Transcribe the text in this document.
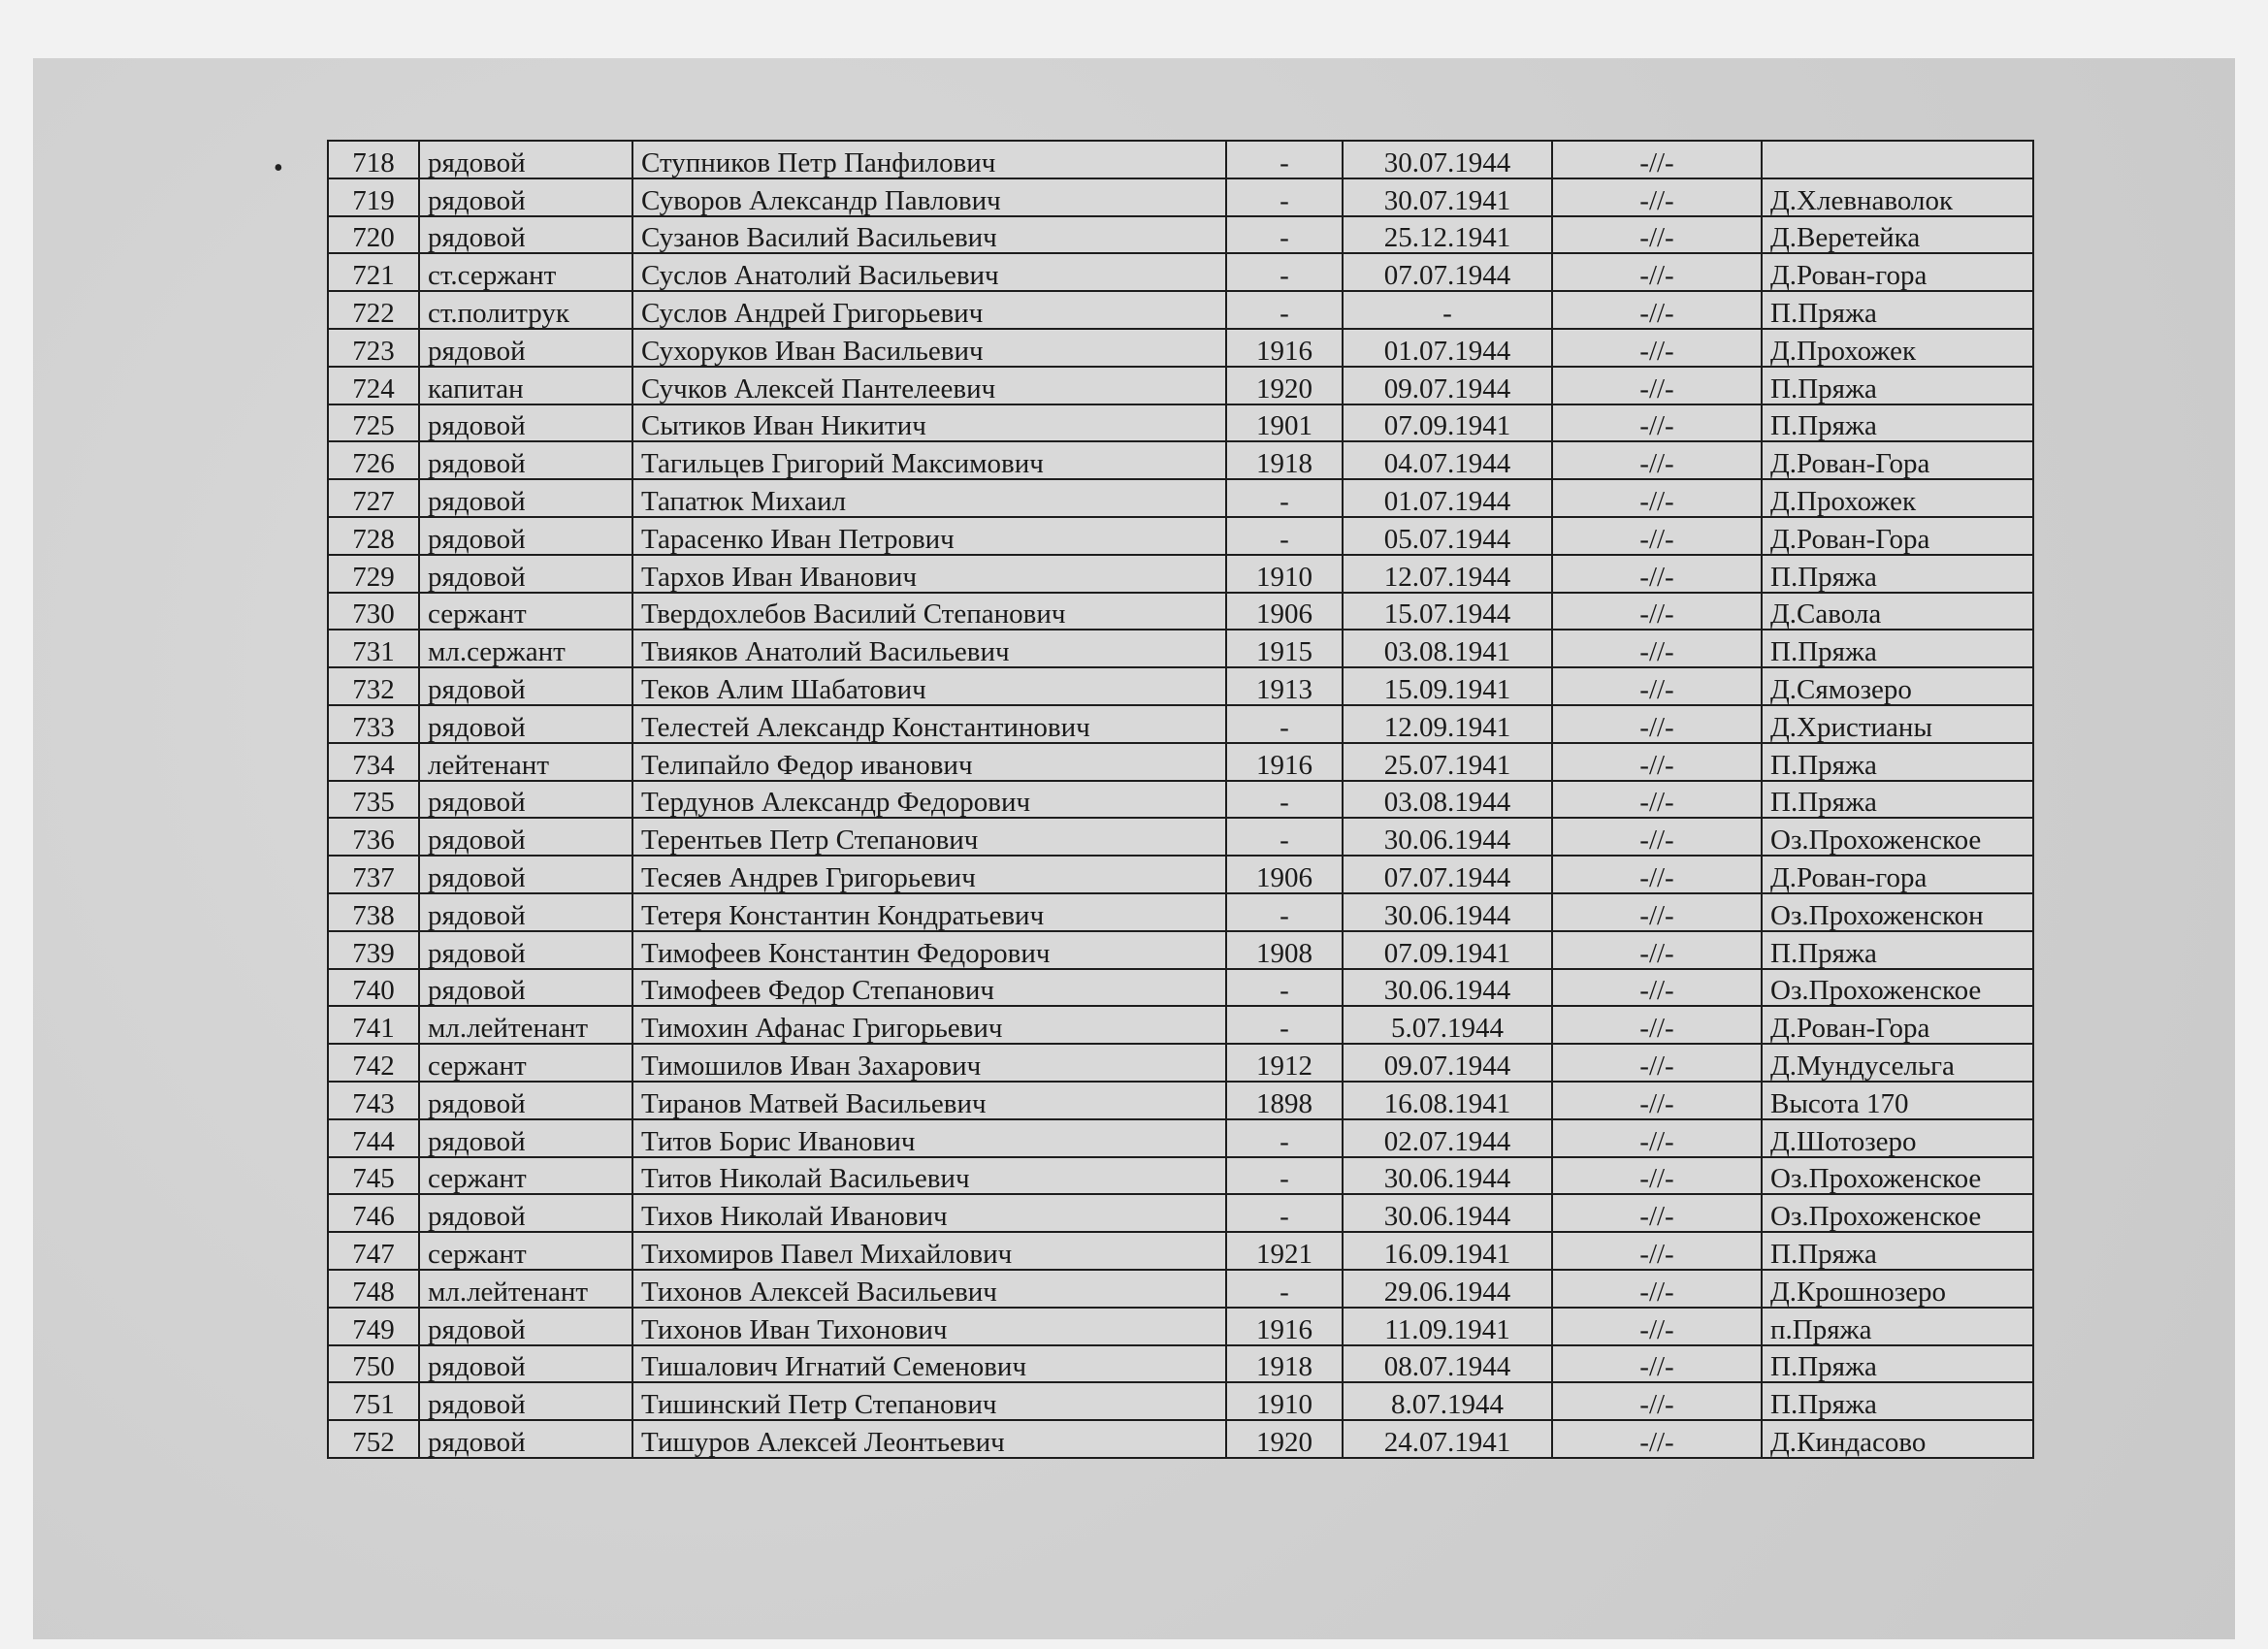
• 718	рядовой	Ступников Петр Панфилович	-	30.07.1944	-//-	
719	рядовой	Суворов Александр Павлович	-	30.07.1941	-//-	Д.Хлевнаволок
720	рядовой	Сузанов Василий Васильевич	-	25.12.1941	-//-	Д.Веретейка
721	ст.сержант	Суслов Анатолий Васильевич	-	07.07.1944	-//-	Д.Рован-гора
722	ст.политрук	Суслов Андрей Григорьевич	-	-	-//-	П.Пряжа
723	рядовой	Сухоруков Иван Васильевич	1916	01.07.1944	-//-	Д.Прохожек
724	капитан	Сучков Алексей Пантелеевич	1920	09.07.1944	-//-	П.Пряжа
725	рядовой	Сытиков Иван Никитич	1901	07.09.1941	-//-	П.Пряжа
726	рядовой	Тагильцев Григорий Максимович	1918	04.07.1944	-//-	Д.Рован-Гора
727	рядовой	Тапатюк Михаил	-	01.07.1944	-//-	Д.Прохожек
728	рядовой	Тарасенко Иван Петрович	-	05.07.1944	-//-	Д.Рован-Гора
729	рядовой	Тархов Иван Иванович	1910	12.07.1944	-//-	П.Пряжа
730	сержант	Твердохлебов Василий Степанович	1906	15.07.1944	-//-	Д.Савола
731	мл.сержант	Твияков Анатолий Васильевич	1915	03.08.1941	-//-	П.Пряжа
732	рядовой	Теков Алим Шабатович	1913	15.09.1941	-//-	Д.Сямозеро
733	рядовой	Телестей Александр Константинович	-	12.09.1941	-//-	Д.Христианы
734	лейтенант	Телипайло Федор иванович	1916	25.07.1941	-//-	П.Пряжа
735	рядовой	Тердунов Александр Федорович	-	03.08.1944	-//-	П.Пряжа
736	рядовой	Терентьев Петр Степанович	-	30.06.1944	-//-	Оз.Прохоженское
737	рядовой	Тесяев Андрев Григорьевич	1906	07.07.1944	-//-	Д.Рован-гора
738	рядовой	Тетеря Константин Кондратьевич	-	30.06.1944	-//-	Оз.Прохоженскон
739	рядовой	Тимофеев Константин Федорович	1908	07.09.1941	-//-	П.Пряжа
740	рядовой	Тимофеев Федор Степанович	-	30.06.1944	-//-	Оз.Прохоженское
741	мл.лейтенант	Тимохин Афанас Григорьевич	-	5.07.1944	-//-	Д.Рован-Гора
742	сержант	Тимошилов Иван Захарович	1912	09.07.1944	-//-	Д.Мундусельга
743	рядовой	Тиранов Матвей Васильевич	1898	16.08.1941	-//-	Высота 170
744	рядовой	Титов Борис Иванович	-	02.07.1944	-//-	Д.Шотозеро
745	сержант	Титов Николай Васильевич	-	30.06.1944	-//-	Оз.Прохоженское
746	рядовой	Тихов Николай Иванович	-	30.06.1944	-//-	Оз.Прохоженское
747	сержант	Тихомиров Павел Михайлович	1921	16.09.1941	-//-	П.Пряжа
748	мл.лейтенант	Тихонов Алексей Васильевич	-	29.06.1944	-//-	Д.Крошнозеро
749	рядовой	Тихонов Иван Тихонович	1916	11.09.1941	-//-	п.Пряжа
750	рядовой	Тишалович Игнатий Семенович	1918	08.07.1944	-//-	П.Пряжа
751	рядовой	Тишинский Петр Степанович	1910	8.07.1944	-//-	П.Пряжа
752	рядовой	Тишуров Алексей Леонтьевич	1920	24.07.1941	-//-	Д.Киндасово
